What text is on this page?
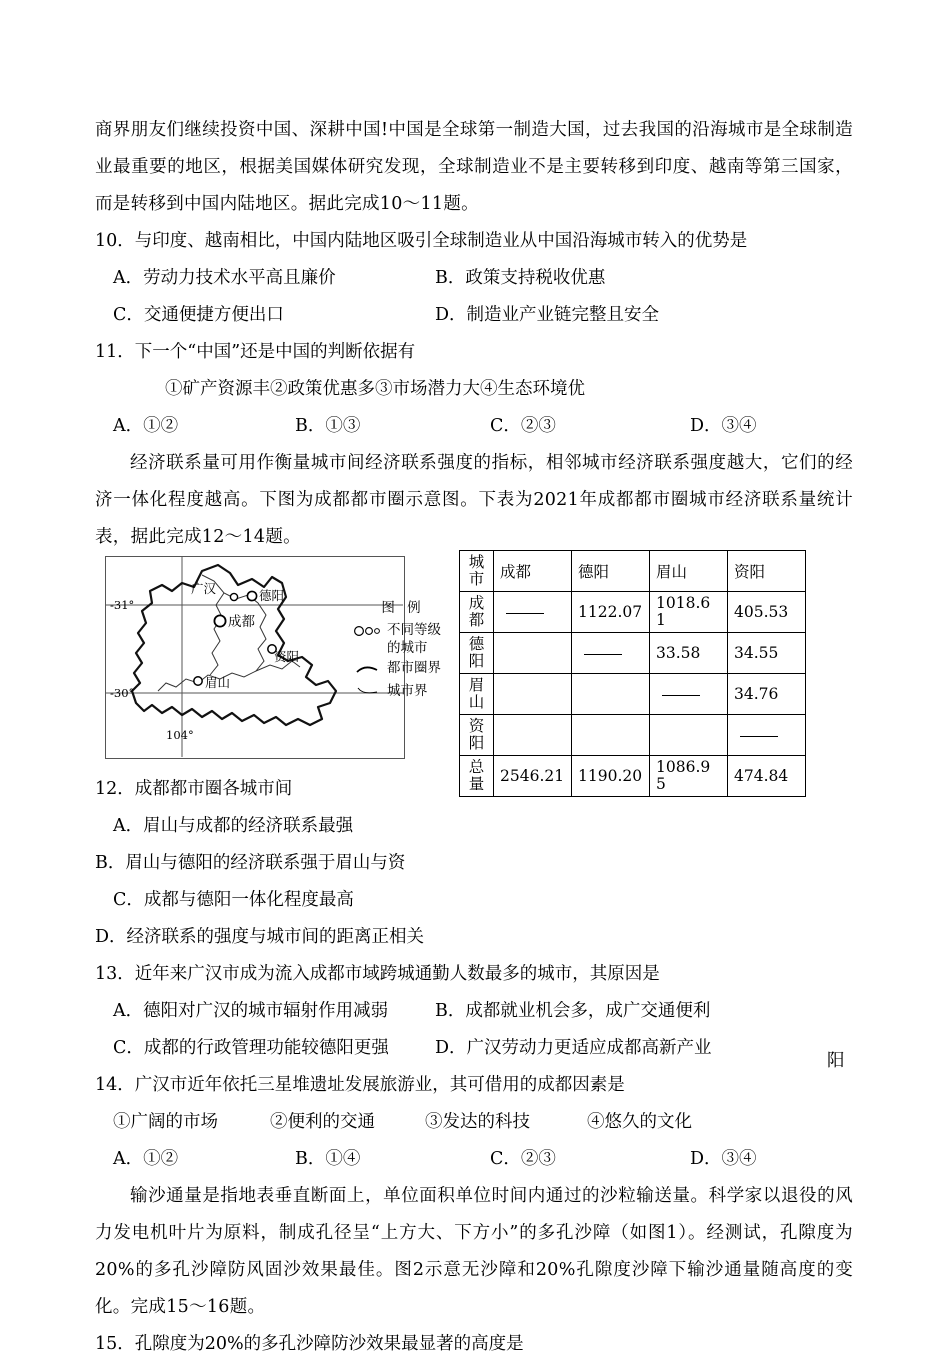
商界朋友们继续投资中国、深耕中国!中国是全球第一制造大国，过去我国的沿海城市是全球制造业最重要的地区，根据美国媒体研究发现，全球制造业不是主要转移到印度、越南等第三国家，而是转移到中国内陆地区。据此完成10～11题。

10．与印度、越南相比，中国内陆地区吸引全球制造业从中国沿海城市转入的优势是
A．劳动力技术水平高且廉价	B．政策支持税收优惠
C．交通便捷方便出口	D．制造业产业链完整且安全
11．下一个“中国”还是中国的判断依据有
①矿产资源丰②政策优惠多③市场潜力大④生态环境优
A．①②	B．①③	C．②③	D．③④

经济联系量可用作衡量城市间经济联系强度的指标，相邻城市经济联系强度越大，它们的经济一体化程度越高。下图为成都都市圈示意图。下表为2021年成都都市圈城市经济联系量统计表，据此完成12～14题。

广汉	德阳
成都
资阳
眉山
-31°
-30°
104°
图 例
不同等级的城市
都市圈界
城市界
城市	成都	德阳	眉山	资阳
成都		1122.07	1018.61	405.53
德阳			33.58	34.55
眉山				34.76
资阳				
总量	2546.21	1190.20	1086.95	474.84
12．成都都市圈各城市间
A．眉山与成都的经济联系最强
B．眉山与德阳的经济联系强于眉山与资
C．成都与德阳一体化程度最高
D．经济联系的强度与城市间的距离正相关
阳
13．近年来广汉市成为流入成都市域跨城通勤人数最多的城市，其原因是
A．德阳对广汉的城市辐射作用减弱	B．成都就业机会多，成广交通便利
C．成都的行政管理功能较德阳更强	D．广汉劳动力更适应成都高新产业
14．广汉市近年依托三星堆遗址发展旅游业，其可借用的成都因素是
①广阔的市场	②便利的交通	③发达的科技	④悠久的文化
A．①②	B．①④	C．②③	D．③④

输沙通量是指地表垂直断面上，单位面积单位时间内通过的沙粒输送量。科学家以退役的风力发电机叶片为原料，制成孔径呈“上方大、下方小”的多孔沙障（如图1）。经测试，孔隙度为20%的多孔沙障防风固沙效果最佳。图2示意无沙障和20%孔隙度沙障下输沙通量随高度的变化。完成15～16题。

15．孔隙度为20%的多孔沙障防沙效果最显著的高度是
